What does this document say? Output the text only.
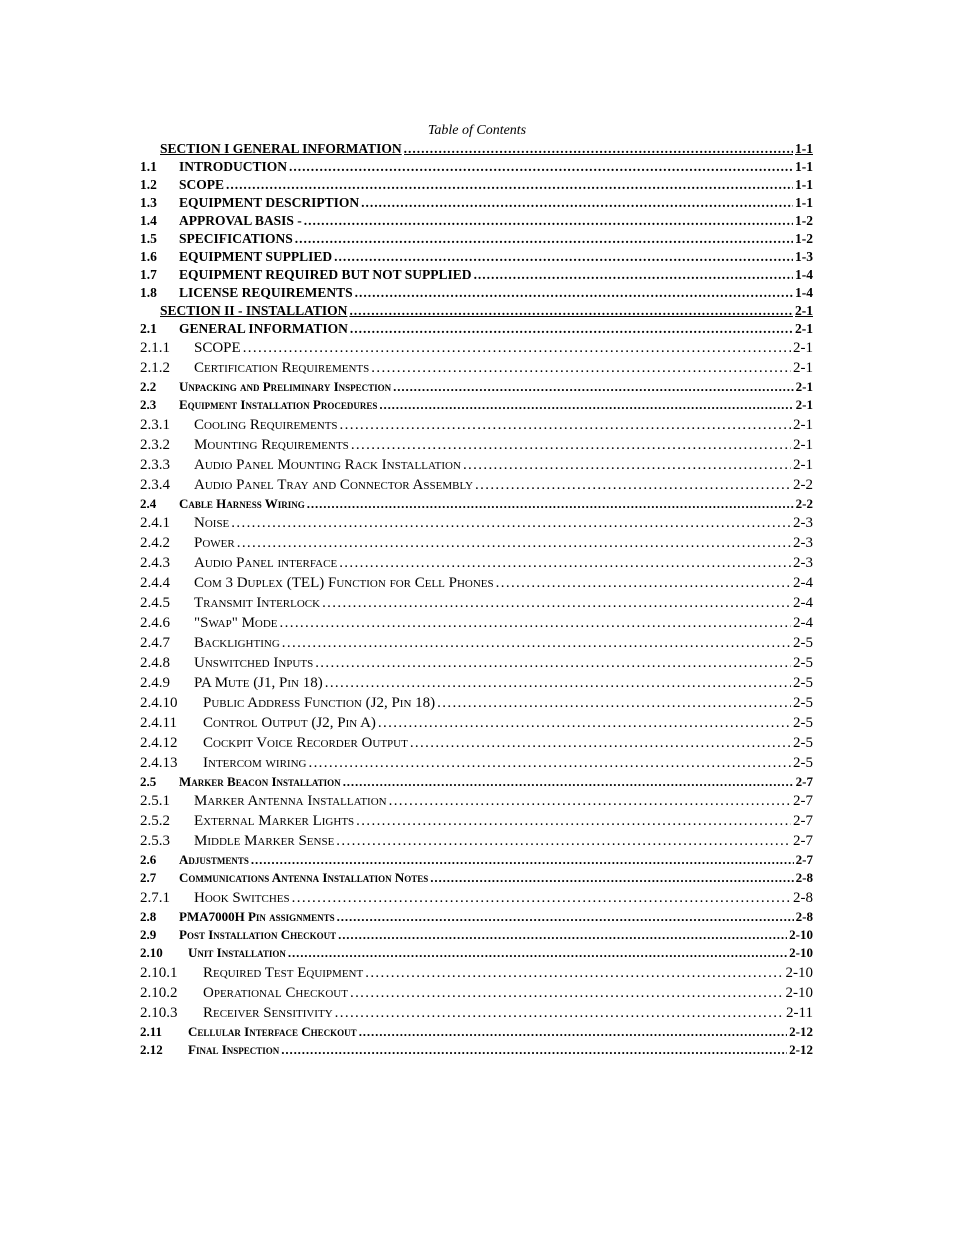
Table of Contents
SECTION I GENERAL INFORMATION . . .	1-1
1.1	INTRODUCTION . . .	1-1
1.2	SCOPE . . .	1-1
1.3	EQUIPMENT DESCRIPTION . . .	1-1
1.4	APPROVAL BASIS - . . .	1-2
1.5	SPECIFICATIONS . . .	1-2
1.6	EQUIPMENT SUPPLIED . . .	1-3
1.7	EQUIPMENT REQUIRED BUT NOT SUPPLIED . . .	1-4
1.8	LICENSE REQUIREMENTS . . .	1-4
SECTION II - INSTALLATION . . .	2-1
2.1	GENERAL INFORMATION . . .	2-1
2.1.1	SCOPE . . .	2-1
2.1.2	Certification Requirements . . .	2-1
2.2	Unpacking and Preliminary Inspection . . .	2-1
2.3	Equipment Installation Procedures . . .	2-1
2.3.1	Cooling Requirements . . .	2-1
2.3.2	Mounting Requirements . . .	2-1
2.3.3	Audio Panel Mounting Rack Installation . . .	2-1
2.3.4	Audio Panel Tray and Connector Assembly . . .	2-2
2.4	Cable Harness Wiring . . .	2-2
2.4.1	Noise . . .	2-3
2.4.2	Power . . .	2-3
2.4.3	Audio Panel interface . . .	2-3
2.4.4	Com 3 Duplex (TEL) Function for Cell Phones . . .	2-4
2.4.5	Transmit Interlock . . .	2-4
2.4.6	"Swap" Mode . . .	2-4
2.4.7	Backlighting . . .	2-5
2.4.8	Unswitched Inputs . . .	2-5
2.4.9	PA Mute (J1, Pin 18) . . .	2-5
2.4.10	Public Address Function (J2, Pin 18) . . .	2-5
2.4.11	Control Output (J2, Pin A) . . .	2-5
2.4.12	Cockpit Voice Recorder Output . . .	2-5
2.4.13	Intercom wiring . . .	2-5
2.5	Marker Beacon Installation . . .	2-7
2.5.1	Marker Antenna Installation . . .	2-7
2.5.2	External Marker Lights . . .	2-7
2.5.3	Middle Marker Sense . . .	2-7
2.6	Adjustments . . .	2-7
2.7	Communications Antenna Installation Notes . . .	2-8
2.7.1	Hook Switches . . .	2-8
2.8	PMA7000H Pin assignments . . .	2-8
2.9	Post Installation Checkout . . .	2-10
2.10	Unit Installation . . .	2-10
2.10.1	Required Test Equipment . . .	2-10
2.10.2	Operational Checkout . . .	2-10
2.10.3	Receiver Sensitivity . . .	2-11
2.11	Cellular Interface Checkout . . .	2-12
2.12	Final Inspection . . .	2-12
